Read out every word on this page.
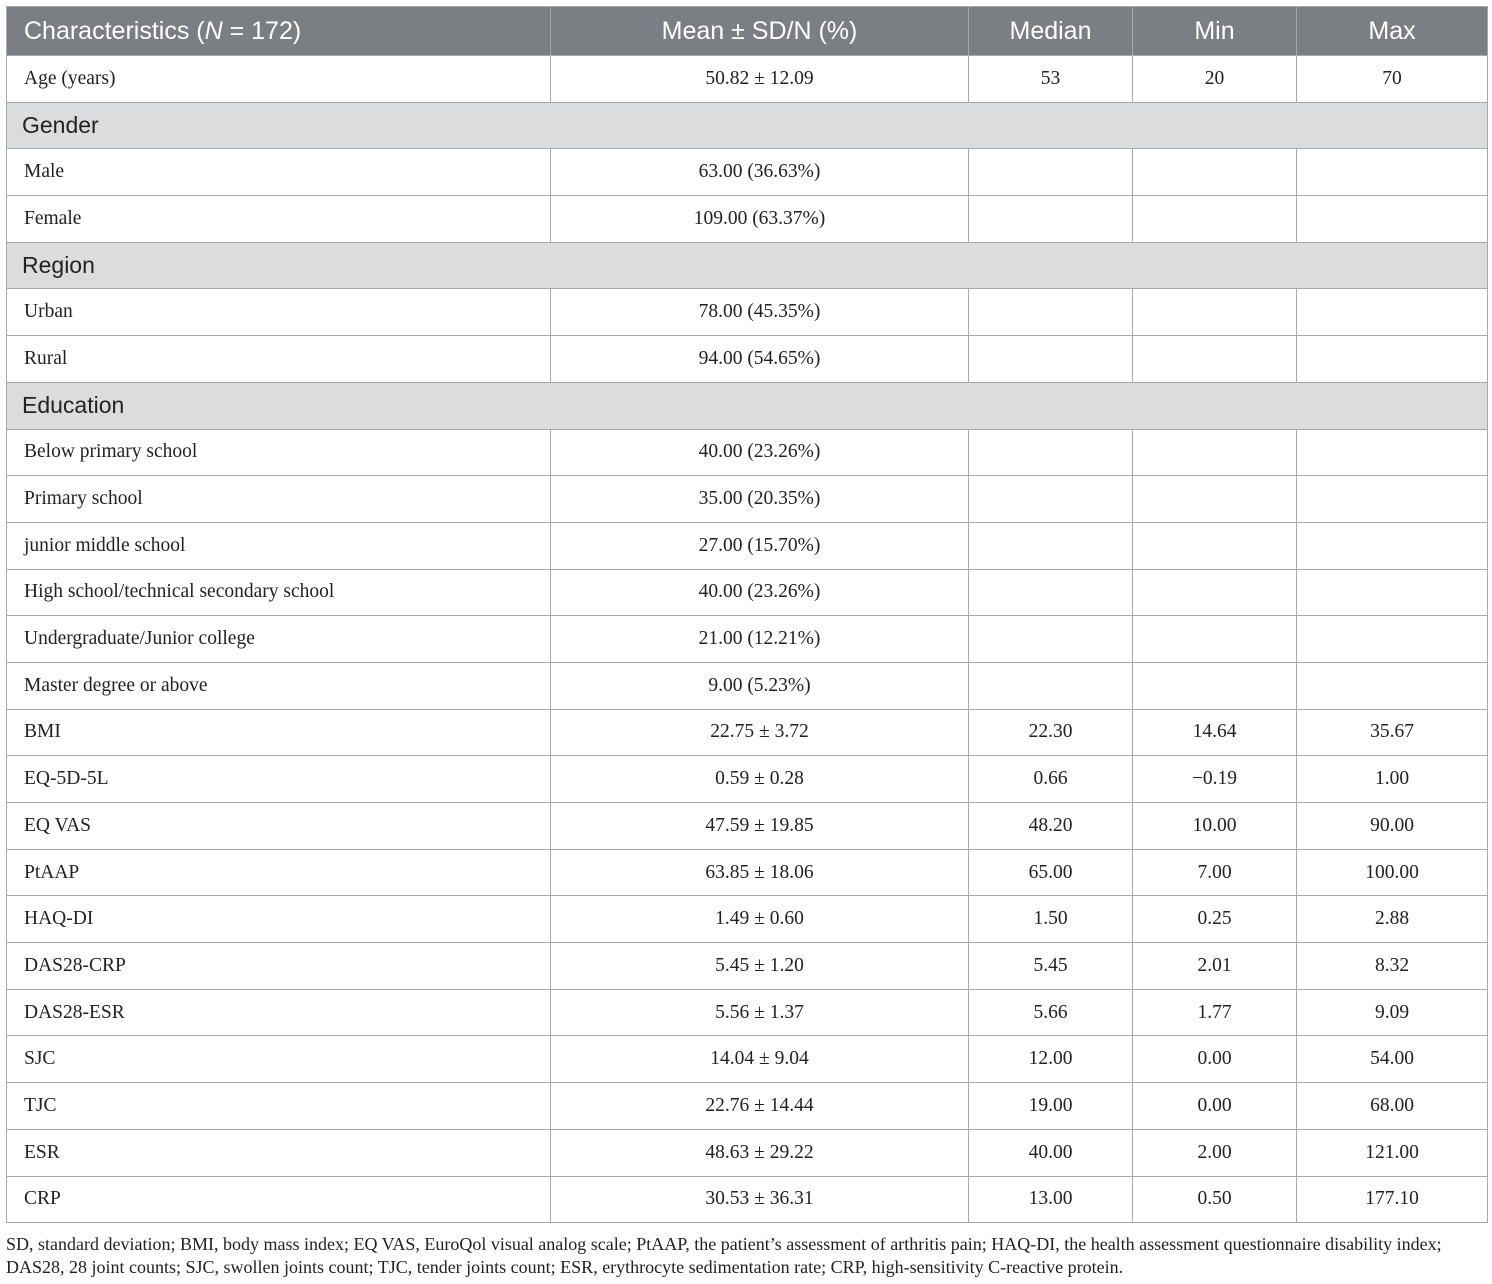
Characteristics (N = 172)	Mean ± SD/N (%)	Median	Min	Max
Age (years)	50.82 ± 12.09	53	20	70
Gender				
Male	63.00 (36.63%)			
Female	109.00 (63.37%)			
Region				
Urban	78.00 (45.35%)			
Rural	94.00 (54.65%)			
Education				
Below primary school	40.00 (23.26%)			
Primary school	35.00 (20.35%)			
junior middle school	27.00 (15.70%)			
High school/technical secondary school	40.00 (23.26%)			
Undergraduate/Junior college	21.00 (12.21%)			
Master degree or above	9.00 (5.23%)			
BMI	22.75 ± 3.72	22.30	14.64	35.67
EQ-5D-5L	0.59 ± 0.28	0.66	−0.19	1.00
EQ VAS	47.59 ± 19.85	48.20	10.00	90.00
PtAAP	63.85 ± 18.06	65.00	7.00	100.00
HAQ-DI	1.49 ± 0.60	1.50	0.25	2.88
DAS28-CRP	5.45 ± 1.20	5.45	2.01	8.32
DAS28-ESR	5.56 ± 1.37	5.66	1.77	9.09
SJC	14.04 ± 9.04	12.00	0.00	54.00
TJC	22.76 ± 14.44	19.00	0.00	68.00
ESR	48.63 ± 29.22	40.00	2.00	121.00
CRP	30.53 ± 36.31	13.00	0.50	177.10
SD, standard deviation; BMI, body mass index; EQ VAS, EuroQol visual analog scale; PtAAP, the patient’s assessment of arthritis pain; HAQ-DI, the health assessment questionnaire disability index; DAS28, 28 joint counts; SJC, swollen joints count; TJC, tender joints count; ESR, erythrocyte sedimentation rate; CRP, high-sensitivity C-reactive protein.
